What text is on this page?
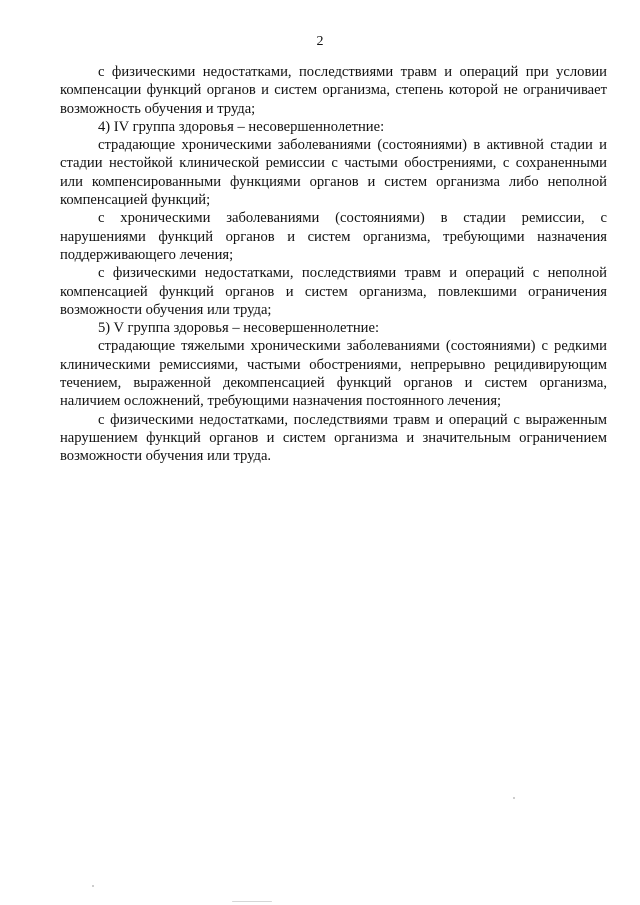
2

с физическими недостатками, последствиями травм и операций при условии компенсации функций органов и систем организма, степень которой не ограничивает возможность обучения и труда;

4) IV группа здоровья – несовершеннолетние:

страдающие хроническими заболеваниями (состояниями) в активной стадии и стадии нестойкой клинической ремиссии с частыми обострениями, с сохраненными или компенсированными функциями органов и систем организма либо неполной компенсацией функций;

с хроническими заболеваниями (состояниями) в стадии ремиссии, с нарушениями функций органов и систем организма, требующими назначения поддерживающего лечения;

с физическими недостатками, последствиями травм и операций с неполной компенсацией функций органов и систем организма, повлекшими ограничения возможности обучения или труда;

5) V группа здоровья – несовершеннолетние:

страдающие тяжелыми хроническими заболеваниями (состояниями) с редкими клиническими ремиссиями, частыми обострениями, непрерывно рецидивирующим течением, выраженной декомпенсацией функций органов и систем организма, наличием осложнений, требующими назначения постоянного лечения;

с физическими недостатками, последствиями травм и операций с выраженным нарушением функций органов и систем организма и значительным ограничением возможности обучения или труда.
